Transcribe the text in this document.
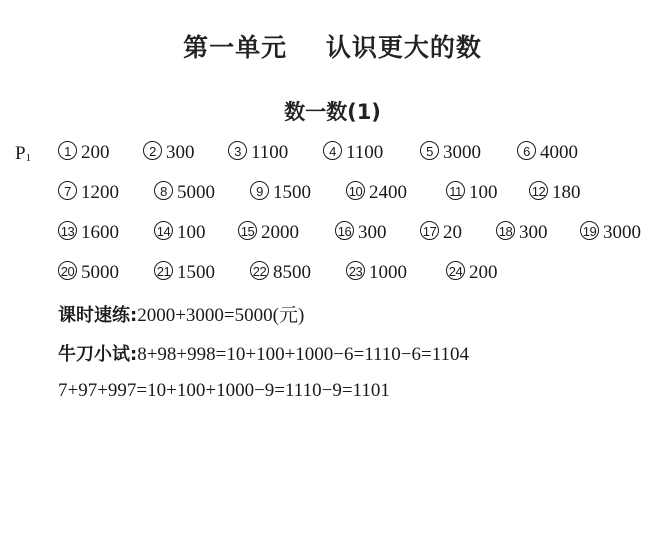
第一单元    认识更大的数
数一数(1)
$P_1$	1 200	2 300	3 1100	4 1100	5 3000	6 4000
7 1200	8 5000	9 1500	10 2400	11 100	12 180
13 1600	14 100	15 2000	16 300	17 20	18 300	19 3000
20 5000	21 1500	22 8500	23 1000	24 200
课时速练:2000+3000=5000(元)
牛刀小试:8+98+998=10+100+1000−6=1110−6=1104
7+97+997=10+100+1000−9=1110−9=1101
